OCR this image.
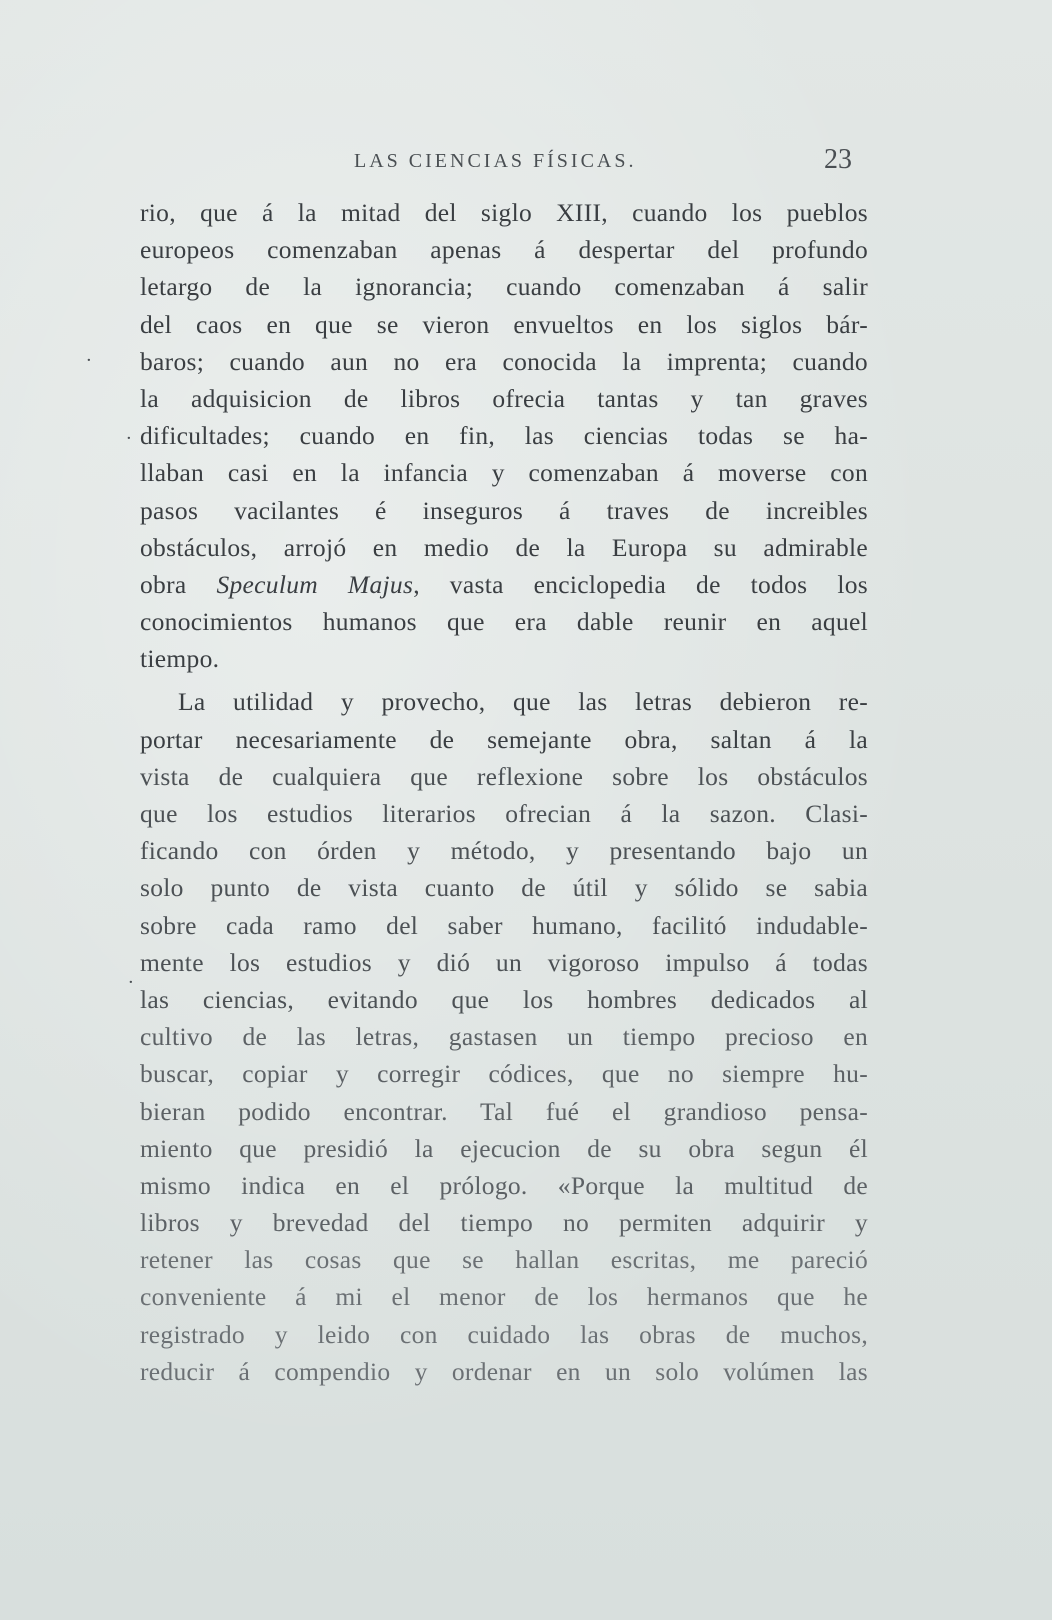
LAS CIENCIAS FÍSICAS.	23
·
·
·
rio, que á la mitad del siglo XIII, cuando los pueblos
europeos comenzaban apenas á despertar del profundo
letargo de la ignorancia; cuando comenzaban á salir
del caos en que se vieron envueltos en los siglos bár-
baros; cuando aun no era conocida la imprenta; cuando
la adquisicion de libros ofrecia tantas y tan graves
dificultades; cuando en fin, las ciencias todas se ha-
llaban casi en la infancia y comenzaban á moverse con
pasos vacilantes é inseguros á traves de increibles
obstáculos, arrojó en medio de la Europa su admirable
obra Speculum Majus, vasta enciclopedia de todos los
conocimientos humanos que era dable reunir en aquel
tiempo.
La utilidad y provecho, que las letras debieron re-
portar necesariamente de semejante obra, saltan á la
vista de cualquiera que reflexione sobre los obstáculos
que los estudios literarios ofrecian á la sazon. Clasi-
ficando con órden y método, y presentando bajo un
solo punto de vista cuanto de útil y sólido se sabia
sobre cada ramo del saber humano, facilitó indudable-
mente los estudios y dió un vigoroso impulso á todas
las ciencias, evitando que los hombres dedicados al
cultivo de las letras, gastasen un tiempo precioso en
buscar, copiar y corregir códices, que no siempre hu-
bieran podido encontrar. Tal fué el grandioso pensa-
miento que presidió la ejecucion de su obra segun él
mismo indica en el prólogo. «Porque la multitud de
libros y brevedad del tiempo no permiten adquirir y
retener las cosas que se hallan escritas, me pareció
conveniente á mi el menor de los hermanos que he
registrado y leido con cuidado las obras de muchos,
reducir á compendio y ordenar en un solo volúmen las
